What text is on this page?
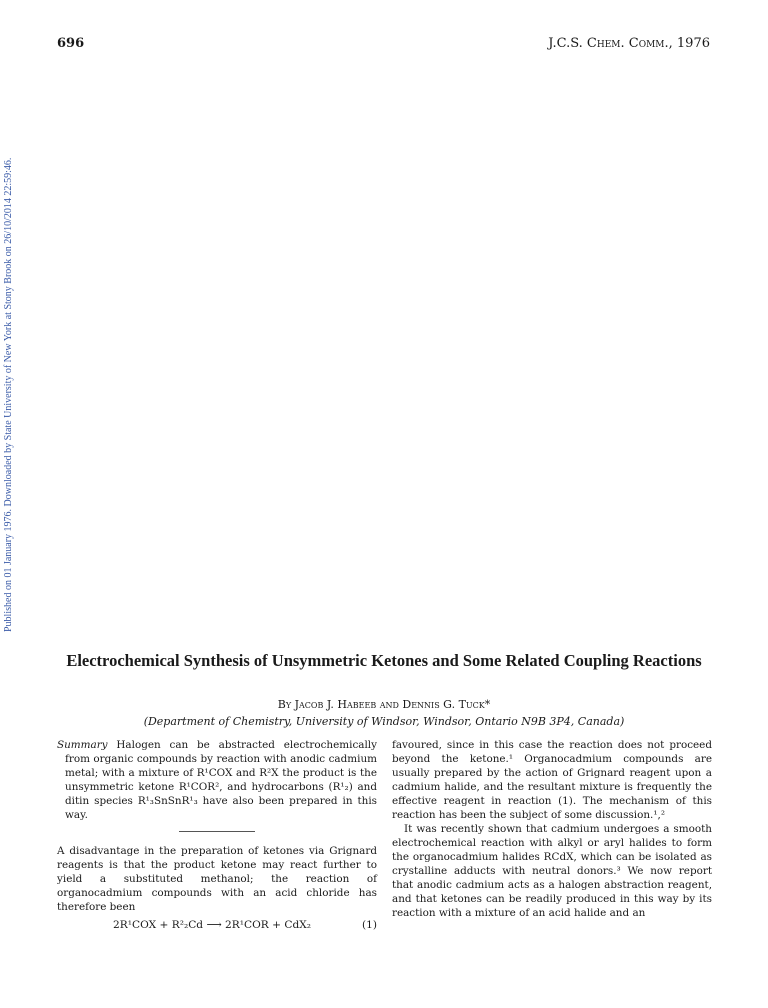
696	J.C.S. Chem. Comm., 1976
Published on 01 January 1976. Downloaded by State University of New York at Stony Brook on 26/10/2014 22:59:46.
Electrochemical Synthesis of Unsymmetric Ketones and Some Related Coupling Reactions
By Jacob J. Habeeb and Dennis G. Tuck*
(Department of Chemistry, University of Windsor, Windsor, Ontario N9B 3P4, Canada)

Summary Halogen can be abstracted electrochemically from organic compounds by reaction with anodic cadmium metal; with a mixture of R¹COX and R²X the product is the unsymmetric ketone R¹COR², and hydrocarbons (R¹₂) and ditin species R¹₃SnSnR¹₃ have also been prepared in this way.

A disadvantage in the preparation of ketones via Grignard reagents is that the product ketone may react further to yield a substituted methanol; the reaction of organocadmium compounds with an acid chloride has therefore been

2R¹COX + R²₂Cd ⟶ 2R¹COR + CdX₂	(1)

favoured, since in this case the reaction does not proceed beyond the ketone.¹ Organocadmium compounds are usually prepared by the action of Grignard reagent upon a cadmium halide, and the resultant mixture is frequently the effective reagent in reaction (1). The mechanism of this reaction has been the subject of some discussion.¹,²

It was recently shown that cadmium undergoes a smooth electrochemical reaction with alkyl or aryl halides to form the organocadmium halides RCdX, which can be isolated as crystalline adducts with neutral donors.³ We now report that anodic cadmium acts as a halogen abstraction reagent, and that ketones can be readily produced in this way by its reaction with a mixture of an acid halide and an
